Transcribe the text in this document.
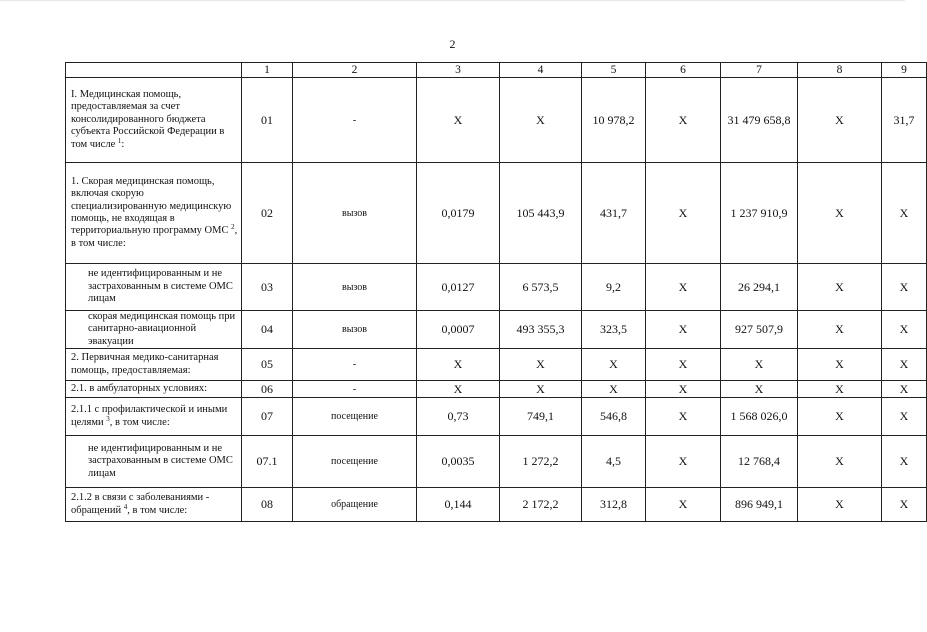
2
	1	2	3	4	5	6	7	8	9
I. Медицинская помощь, предоставляемая за счет консолидированного бюджета субъекта Российской Федерации в том числе $^1$:	01	-	X	X	10 978,2	X	31 479 658,8	X	31,7
1. Скорая медицинская помощь, включая скорую специализированную медицинскую помощь, не входящая в территориальную программу ОМС $^2$, в том числе:	02	вызов	0,0179	105 443,9	431,7	X	1 237 910,9	X	X
не идентифицированным и не застрахованным в системе ОМС лицам	03	вызов	0,0127	6 573,5	9,2	X	26 294,1	X	X
скорая медицинская помощь при санитарно-авиационной эвакуации	04	вызов	0,0007	493 355,3	323,5	X	927 507,9	X	X
2. Первичная медико-санитарная помощь, предоставляемая:	05	-	X	X	X	X	X	X	X
2.1. в амбулаторных условиях:	06	-	X	X	X	X	X	X	X
2.1.1 с профилактической и иными целями $^3$, в том числе:	07	посещение	0,73	749,1	546,8	X	1 568 026,0	X	X
не идентифицированным и не застрахованным в системе ОМС лицам	07.1	посещение	0,0035	1 272,2	4,5	X	12 768,4	X	X
2.1.2 в связи с заболеваниями - обращений $^4$, в том числе:	08	обращение	0,144	2 172,2	312,8	X	896 949,1	X	X
